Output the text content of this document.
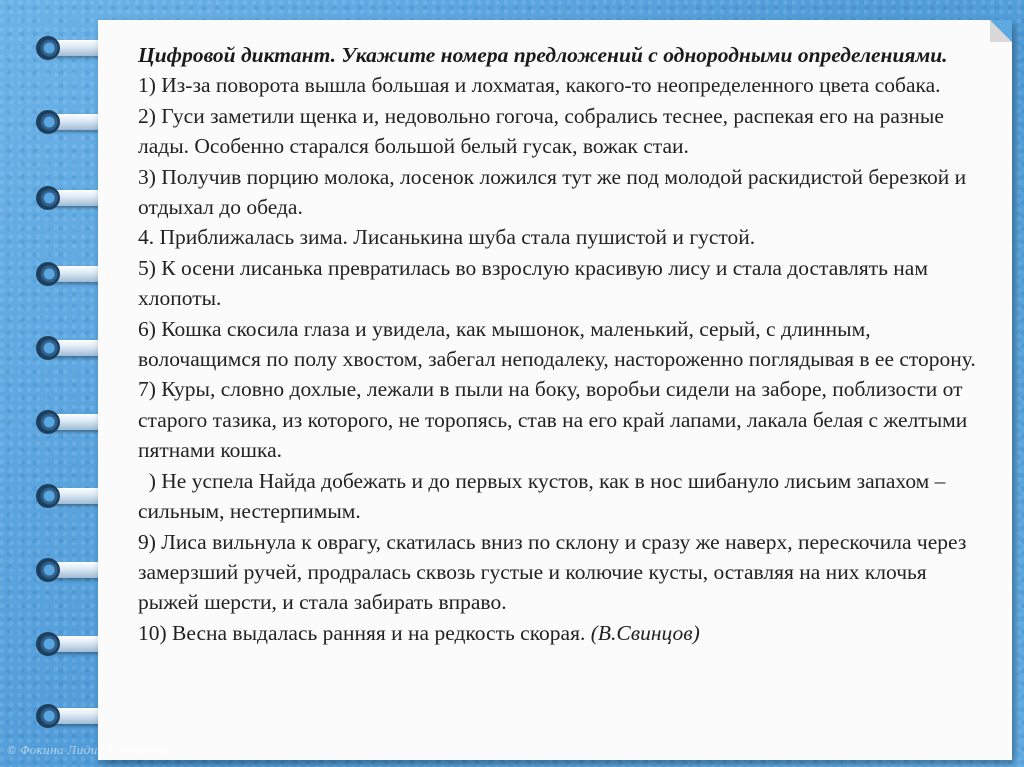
Цифровой диктант. Укажите номера предложений с однородными определениями.

1) Из-за поворота вышла большая и лохматая, какого-то неопределенного цвета собака.

2) Гуси заметили щенка и, недовольно гогоча, собрались теснее, распекая его на разные лады. Особенно старался большой белый гусак, вожак стаи.

3) Получив порцию молока, лосенок ложился тут же под молодой раскидистой березкой и отдыхал до обеда.

4. Приближалась зима. Лисанькина шуба стала пушистой и густой.

5) К осени лисанька превратилась во взрослую красивую лису и стала доставлять нам хлопоты.

6) Кошка скосила глаза и увидела, как мышонок, маленький, серый, с длинным, волочащимся по полу хвостом, забегал неподалеку, настороженно поглядывая в ее сторону.

7) Куры, словно дохлые, лежали в пыли на боку, воробьи сидели на заборе, поблизости от старого тазика, из которого, не торопясь, став на его край лапами, лакала белая с желтыми пятнами кошка.

) Не успела Найда добежать и до первых кустов, как в нос шибануло лисьим запахом – сильным, нестерпимым.

9) Лиса вильнула к оврагу, скатилась вниз по склону и сразу же наверх, перескочила через замерзший ручей, продралась сквозь густые и колючие кусты, оставляя на них клочья рыжей шерсти, и стала забирать вправо.

10) Весна выдалась ранняя и на редкость скорая. (В.Свинцов)

© Фокина Лидия Петровна
